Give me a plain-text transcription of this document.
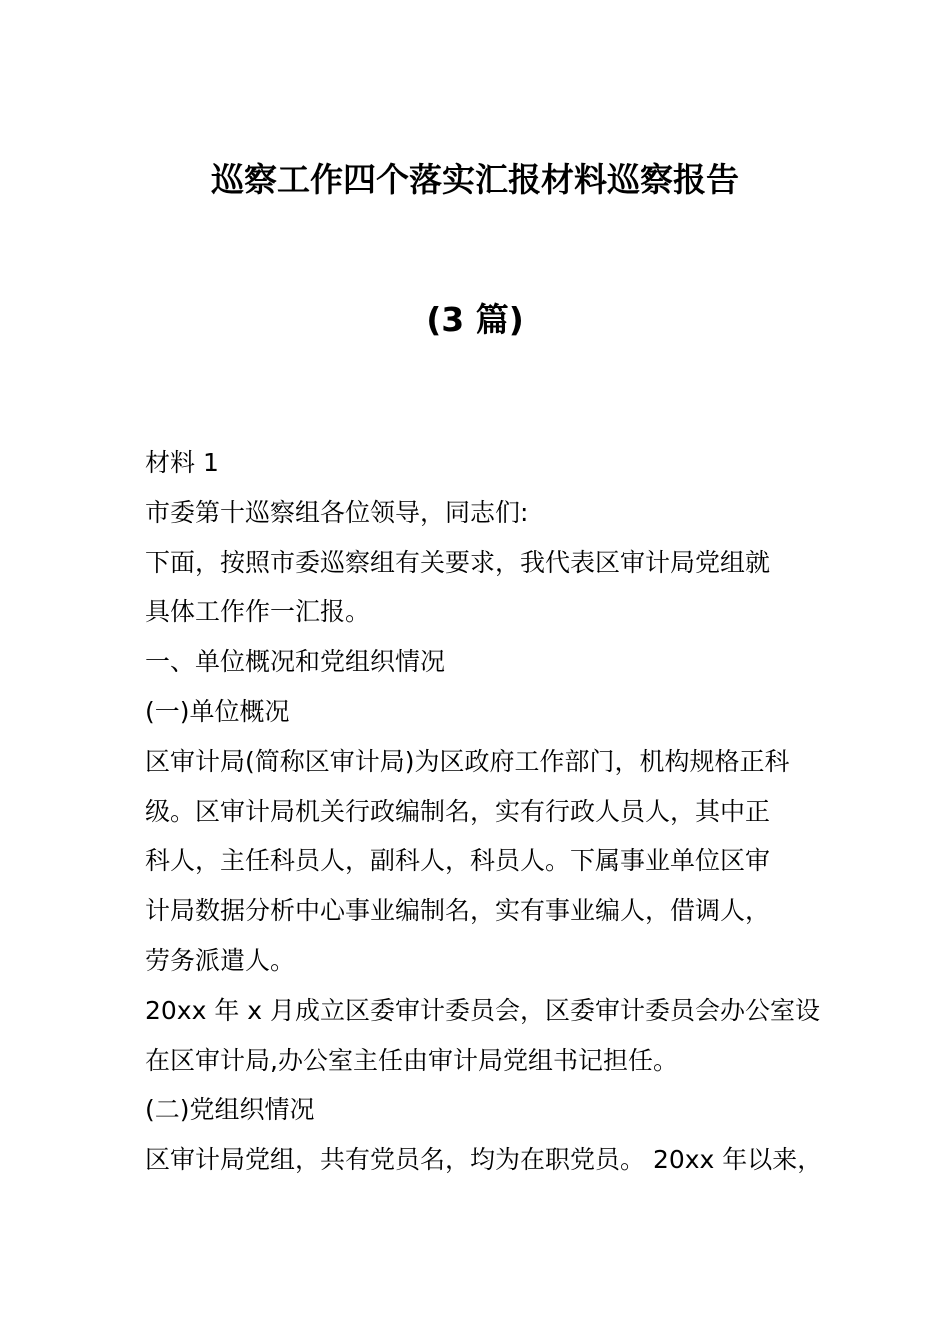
巡察工作四个落实汇报材料巡察报告
(3 篇)

材料 1

市委第十巡察组各位领导，同志们:

下面，按照市委巡察组有关要求，我代表区审计局党组就

具体工作作一汇报。

一、单位概况和党组织情况

(一)单位概况

区审计局(简称区审计局)为区政府工作部门，机构规格正科

级。区审计局机关行政编制名，实有行政人员人，其中正

科人，主任科员人，副科人，科员人。下属事业单位区审

计局数据分析中心事业编制名，实有事业编人，借调人，

劳务派遣人。

20xx 年 x 月成立区委审计委员会，区委审计委员会办公室设

在区审计局,办公室主任由审计局党组书记担任。

(二)党组织情况

区审计局党组，共有党员名，均为在职党员。 20xx 年以来，
